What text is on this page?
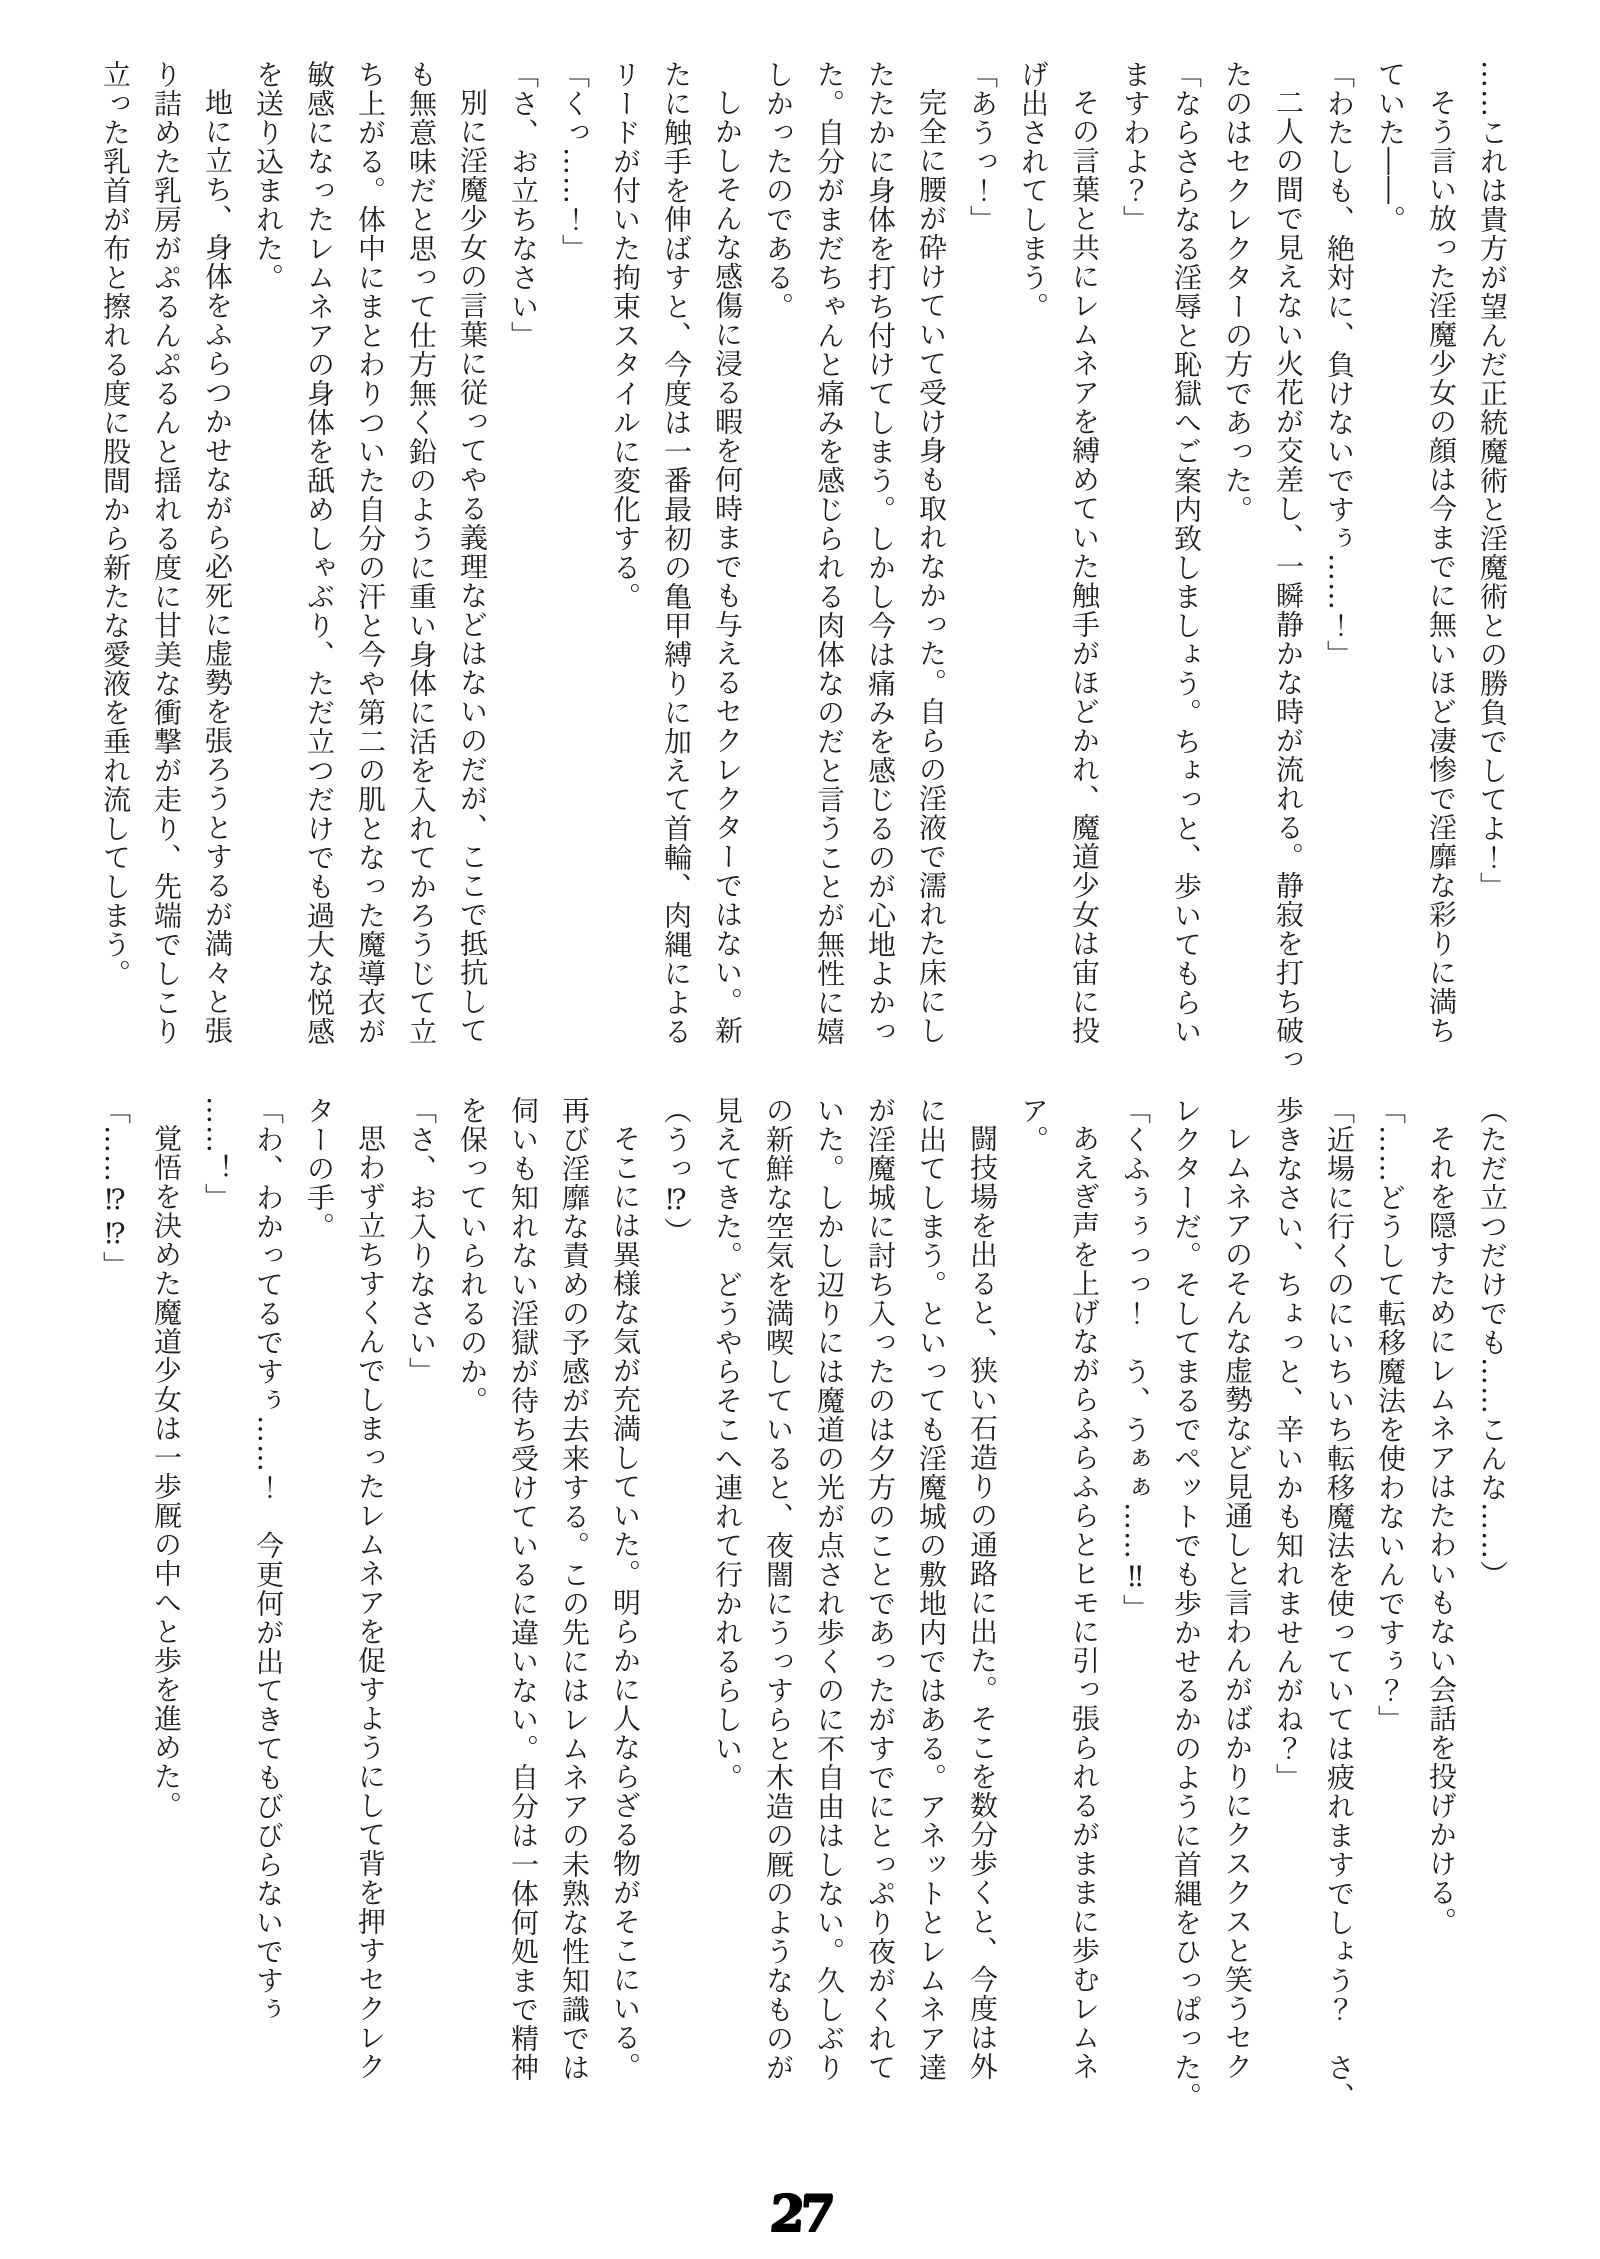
……これは貴方が望んだ正統魔術と淫魔術との勝負でしてよ！」
そう言い放った淫魔少女の顔は今までに無いほど凄惨で淫靡な彩りに満ち
ていた――。
「わたしも、絶対に、負けないですぅ……！」
二人の間で見えない火花が交差し、一瞬静かな時が流れる。静寂を打ち破っ
たのはセクレクターの方であった。
「ならさらなる淫辱と恥獄へご案内致しましょう。ちょっと、歩いてもらい
ますわよ？」
その言葉と共にレムネアを縛めていた触手がほどかれ、魔道少女は宙に投
げ出されてしまう。
「あうっ！」
完全に腰が砕けていて受け身も取れなかった。自らの淫液で濡れた床にし
たたかに身体を打ち付けてしまう。しかし今は痛みを感じるのが心地よかっ
た。自分がまだちゃんと痛みを感じられる肉体なのだと言うことが無性に嬉
しかったのである。
しかしそんな感傷に浸る暇を何時までも与えるセクレクターではない。新
たに触手を伸ばすと、今度は一番最初の亀甲縛りに加えて首輪、肉縄による
リードが付いた拘束スタイルに変化する。
「くっ……！」
「さ、お立ちなさい」
別に淫魔少女の言葉に従ってやる義理などはないのだが、ここで抵抗して
も無意味だと思って仕方無く鉛のように重い身体に活を入れてかろうじて立
ち上がる。体中にまとわりついた自分の汗と今や第二の肌となった魔導衣が
敏感になったレムネアの身体を舐めしゃぶり、ただ立つだけでも過大な悦感
を送り込まれた。
地に立ち、身体をふらつかせながら必死に虚勢を張ろうとするが満々と張
り詰めた乳房がぷるんぷるんと揺れる度に甘美な衝撃が走り、先端でしこり
立った乳首が布と擦れる度に股間から新たな愛液を垂れ流してしまう。
（ただ立つだけでも……こんな……）
それを隠すためにレムネアはたわいもない会話を投げかける。
「……どうして転移魔法を使わないんですぅ？」
「近場に行くのにいちいち転移魔法を使っていては疲れますでしょう？　さ、
歩きなさい、ちょっと、辛いかも知れませんがね？」
レムネアのそんな虚勢など見通しと言わんがばかりにクスクスと笑うセク
レクターだ。そしてまるでペットでも歩かせるかのように首縄をひっぱった。
「くふぅぅっっ！　う、うぁぁ……‼」
あえぎ声を上げながらふらふらとヒモに引っ張られるがままに歩むレムネ
ア。
闘技場を出ると、狭い石造りの通路に出た。そこを数分歩くと、今度は外
に出てしまう。といっても淫魔城の敷地内ではある。アネットとレムネア達
が淫魔城に討ち入ったのは夕方のことであったがすでにとっぷり夜がくれて
いた。しかし辺りには魔道の光が点され歩くのに不自由はしない。久しぶり
の新鮮な空気を満喫していると、夜闇にうっすらと木造の厩のようなものが
見えてきた。どうやらそこへ連れて行かれるらしい。
（うっ⁉）
そこには異様な気が充満していた。明らかに人ならざる物がそこにいる。
再び淫靡な責めの予感が去来する。この先にはレムネアの未熟な性知識では
伺いも知れない淫獄が待ち受けているに違いない。自分は一体何処まで精神
を保っていられるのか。
「さ、お入りなさい」
思わず立ちすくんでしまったレムネアを促すようにして背を押すセクレク
ターの手。
「わ、わかってるですぅ……！　今更何が出てきてもびびらないですぅ
……！」
覚悟を決めた魔道少女は一歩厩の中へと歩を進めた。
「……⁉⁉」
27
